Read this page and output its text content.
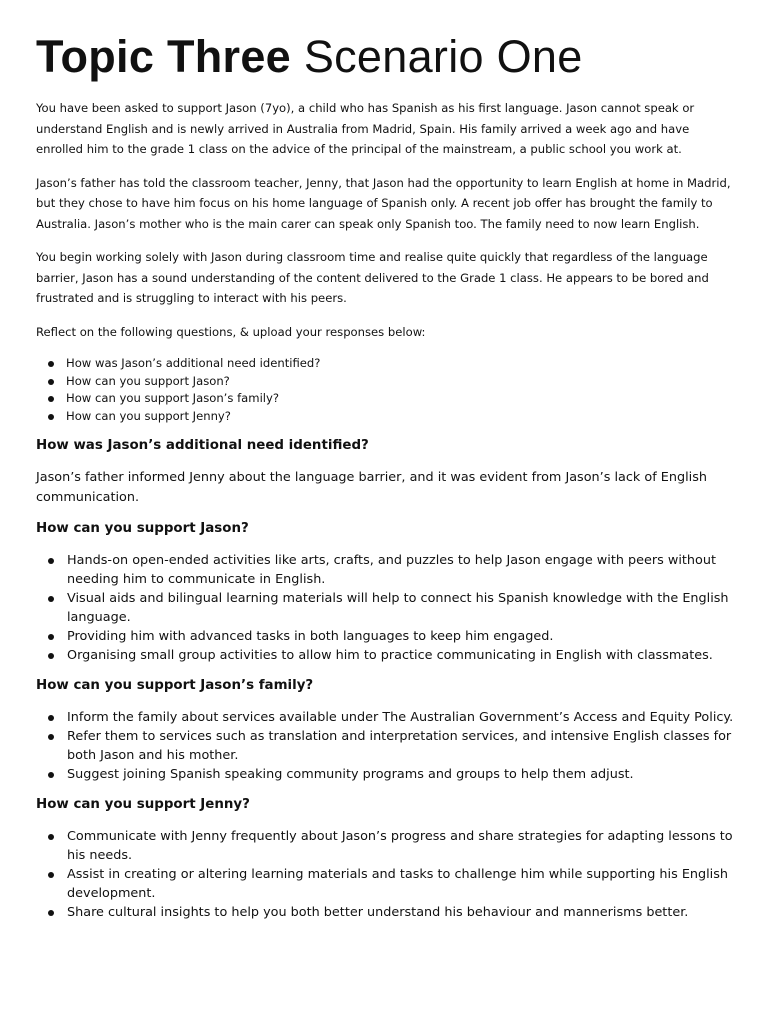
Topic Three Scenario One

You have been asked to support Jason (7yo), a child who has Spanish as his first language. Jason cannot speak or understand English and is newly arrived in Australia from Madrid, Spain. His family arrived a week ago and have enrolled him to the grade 1 class on the advice of the principal of the mainstream, a public school you work at.

Jason’s father has told the classroom teacher, Jenny, that Jason had the opportunity to learn English at home in Madrid, but they chose to have him focus on his home language of Spanish only. A recent job offer has brought the family to Australia. Jason’s mother who is the main carer can speak only Spanish too. The family need to now learn English.

You begin working solely with Jason during classroom time and realise quite quickly that regardless of the language barrier, Jason has a sound understanding of the content delivered to the Grade 1 class. He appears to be bored and frustrated and is struggling to interact with his peers.

Reflect on the following questions, & upload your responses below:

How was Jason’s additional need identified?
How can you support Jason?
How can you support Jason’s family?
How can you support Jenny?
How was Jason’s additional need identified?

Jason’s father informed Jenny about the language barrier, and it was evident from Jason’s lack of English communication.

How can you support Jason?
Hands-on open-ended activities like arts, crafts, and puzzles to help Jason engage with peers without needing him to communicate in English.
Visual aids and bilingual learning materials will help to connect his Spanish knowledge with the English language.
Providing him with advanced tasks in both languages to keep him engaged.
Organising small group activities to allow him to practice communicating in English with classmates.
How can you support Jason’s family?
Inform the family about services available under The Australian Government’s Access and Equity Policy.
Refer them to services such as translation and interpretation services, and intensive English classes for both Jason and his mother.
Suggest joining Spanish speaking community programs and groups to help them adjust.
How can you support Jenny?
Communicate with Jenny frequently about Jason’s progress and share strategies for adapting lessons to his needs.
Assist in creating or altering learning materials and tasks to challenge him while supporting his English development.
Share cultural insights to help you both better understand his behaviour and mannerisms better.
